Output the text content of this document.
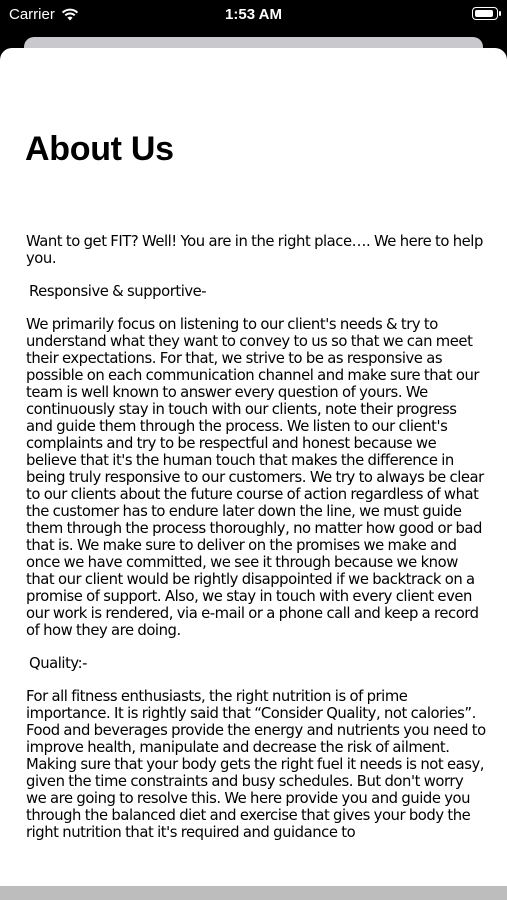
Carrier	1:53 AM
About Us

Want to get FIT? Well! You are in the right place…. We here to help you.

Responsive & supportive-

We primarily focus on listening to our client's needs & try to understand what they want to convey to us so that we can meet their expectations. For that, we strive to be as responsive as possible on each communication channel and make sure that our team is well known to answer every question of yours. We continuously stay in touch with our clients, note their progress and guide them through the process. We listen to our client's complaints and try to be respectful and honest because we believe that it's the human touch that makes the difference in being truly responsive to our customers. We try to always be clear to our clients about the future course of action regardless of what the customer has to endure later down the line, we must guide them through the process thoroughly, no matter how good or bad that is. We make sure to deliver on the promises we make and once we have committed, we see it through because we know that our client would be rightly disappointed if we backtrack on a promise of support. Also, we stay in touch with every client even our work is rendered, via e-mail or a phone call and keep a record of how they are doing.

Quality:-

For all fitness enthusiasts, the right nutrition is of prime importance. It is rightly said that “Consider Quality, not calories”. Food and beverages provide the energy and nutrients you need to improve health, manipulate and decrease the risk of ailment. Making sure that your body gets the right fuel it needs is not easy, given the time constraints and busy schedules. But don't worry we are going to resolve this. We here provide you and guide you through the balanced diet and exercise that gives your body the right nutrition that it's required and guidance to
